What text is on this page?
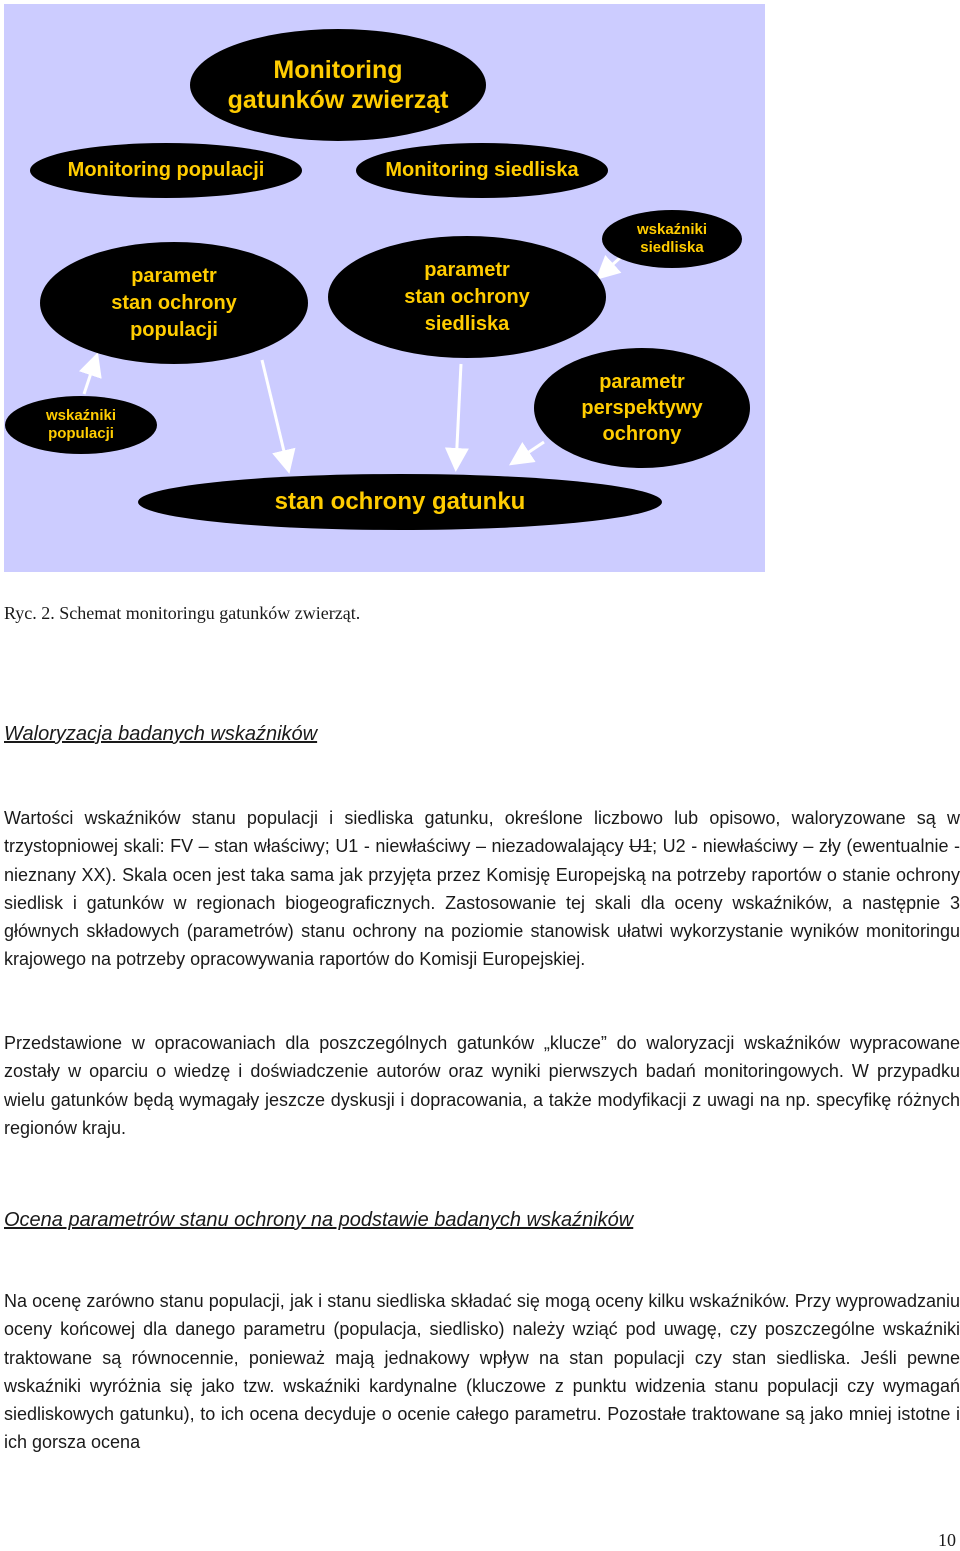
Monitoring
gatunków zwierząt
Monitoring populacji	Monitoring siedliska
parametr
stan ochrony
populacji
parametr
stan ochrony
siedliska
wskaźniki
siedliska
wskaźniki
populacji
parametr
perspektywy
ochrony
stan ochrony gatunku
Ryc. 2. Schemat monitoringu gatunków zwierząt.
Waloryzacja badanych wskaźników

Wartości wskaźników stanu populacji i siedliska gatunku, określone liczbowo lub opisowo, waloryzowane są w trzystopniowej skali: FV – stan właściwy; U1 - niewłaściwy – niezadowalający U1; U2 - niewłaściwy – zły (ewentualnie - nieznany XX). Skala ocen jest taka sama jak przyjęta przez Komisję Europejską na potrzeby raportów o stanie ochrony siedlisk i gatunków w regionach biogeograficznych. Zastosowanie tej skali dla oceny wskaźników, a następnie 3 głównych składowych (parametrów) stanu ochrony na poziomie stanowisk ułatwi wykorzystanie wyników monitoringu krajowego na potrzeby opracowywania raportów do Komisji Europejskiej.

Przedstawione w opracowaniach dla poszczególnych gatunków „klucze” do waloryzacji wskaźników wypracowane zostały w oparciu o wiedzę i doświadczenie autorów oraz wyniki pierwszych badań monitoringowych. W przypadku wielu gatunków będą wymagały jeszcze dyskusji i dopracowania, a także modyfikacji z uwagi na np. specyfikę różnych regionów kraju.

Ocena parametrów stanu ochrony na podstawie badanych wskaźników

Na ocenę zarówno stanu populacji, jak i stanu siedliska składać się mogą oceny kilku wskaźników. Przy wyprowadzaniu oceny końcowej dla danego parametru (populacja, siedlisko) należy wziąć pod uwagę, czy poszczególne wskaźniki traktowane są równocennie, ponieważ mają jednakowy wpływ na stan populacji czy stan siedliska. Jeśli pewne wskaźniki wyróżnia się jako tzw. wskaźniki kardynalne (kluczowe z punktu widzenia stanu populacji czy wymagań siedliskowych gatunku), to ich ocena decyduje o ocenie całego parametru. Pozostałe traktowane są jako mniej istotne i ich gorsza ocena

10
